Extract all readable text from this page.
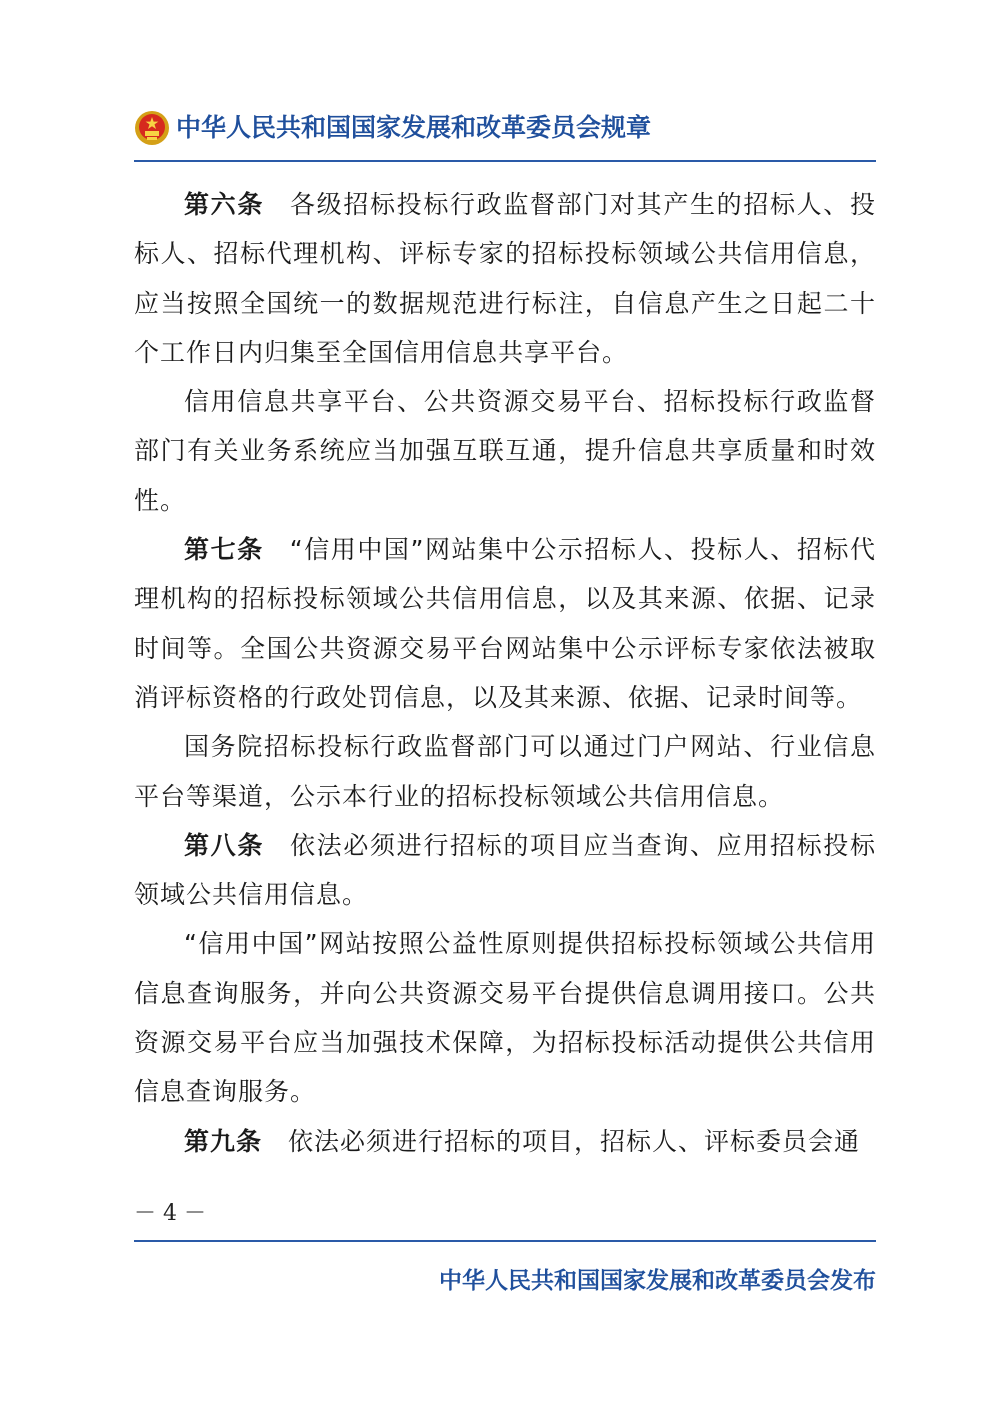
中华人民共和国国家发展和改革委员会规章

第六条 各级招标投标行政监督部门对其产生的招标人、投标人、招标代理机构、评标专家的招标投标领域公共信用信息，应当按照全国统一的数据规范进行标注，自信息产生之日起二十个工作日内归集至全国信用信息共享平台。

信用信息共享平台、公共资源交易平台、招标投标行政监督部门有关业务系统应当加强互联互通，提升信息共享质量和时效性。

第七条 “信用中国”网站集中公示招标人、投标人、招标代理机构的招标投标领域公共信用信息，以及其来源、依据、记录时间等。全国公共资源交易平台网站集中公示评标专家依法被取消评标资格的行政处罚信息，以及其来源、依据、记录时间等。

国务院招标投标行政监督部门可以通过门户网站、行业信息平台等渠道，公示本行业的招标投标领域公共信用信息。

第八条 依法必须进行招标的项目应当查询、应用招标投标领域公共信用信息。

“信用中国”网站按照公益性原则提供招标投标领域公共信用信息查询服务，并向公共资源交易平台提供信息调用接口。公共资源交易平台应当加强技术保障，为招标投标活动提供公共信用信息查询服务。

第九条 依法必须进行招标的项目，招标人、评标委员会通

－ 4 －
中华人民共和国国家发展和改革委员会发布
